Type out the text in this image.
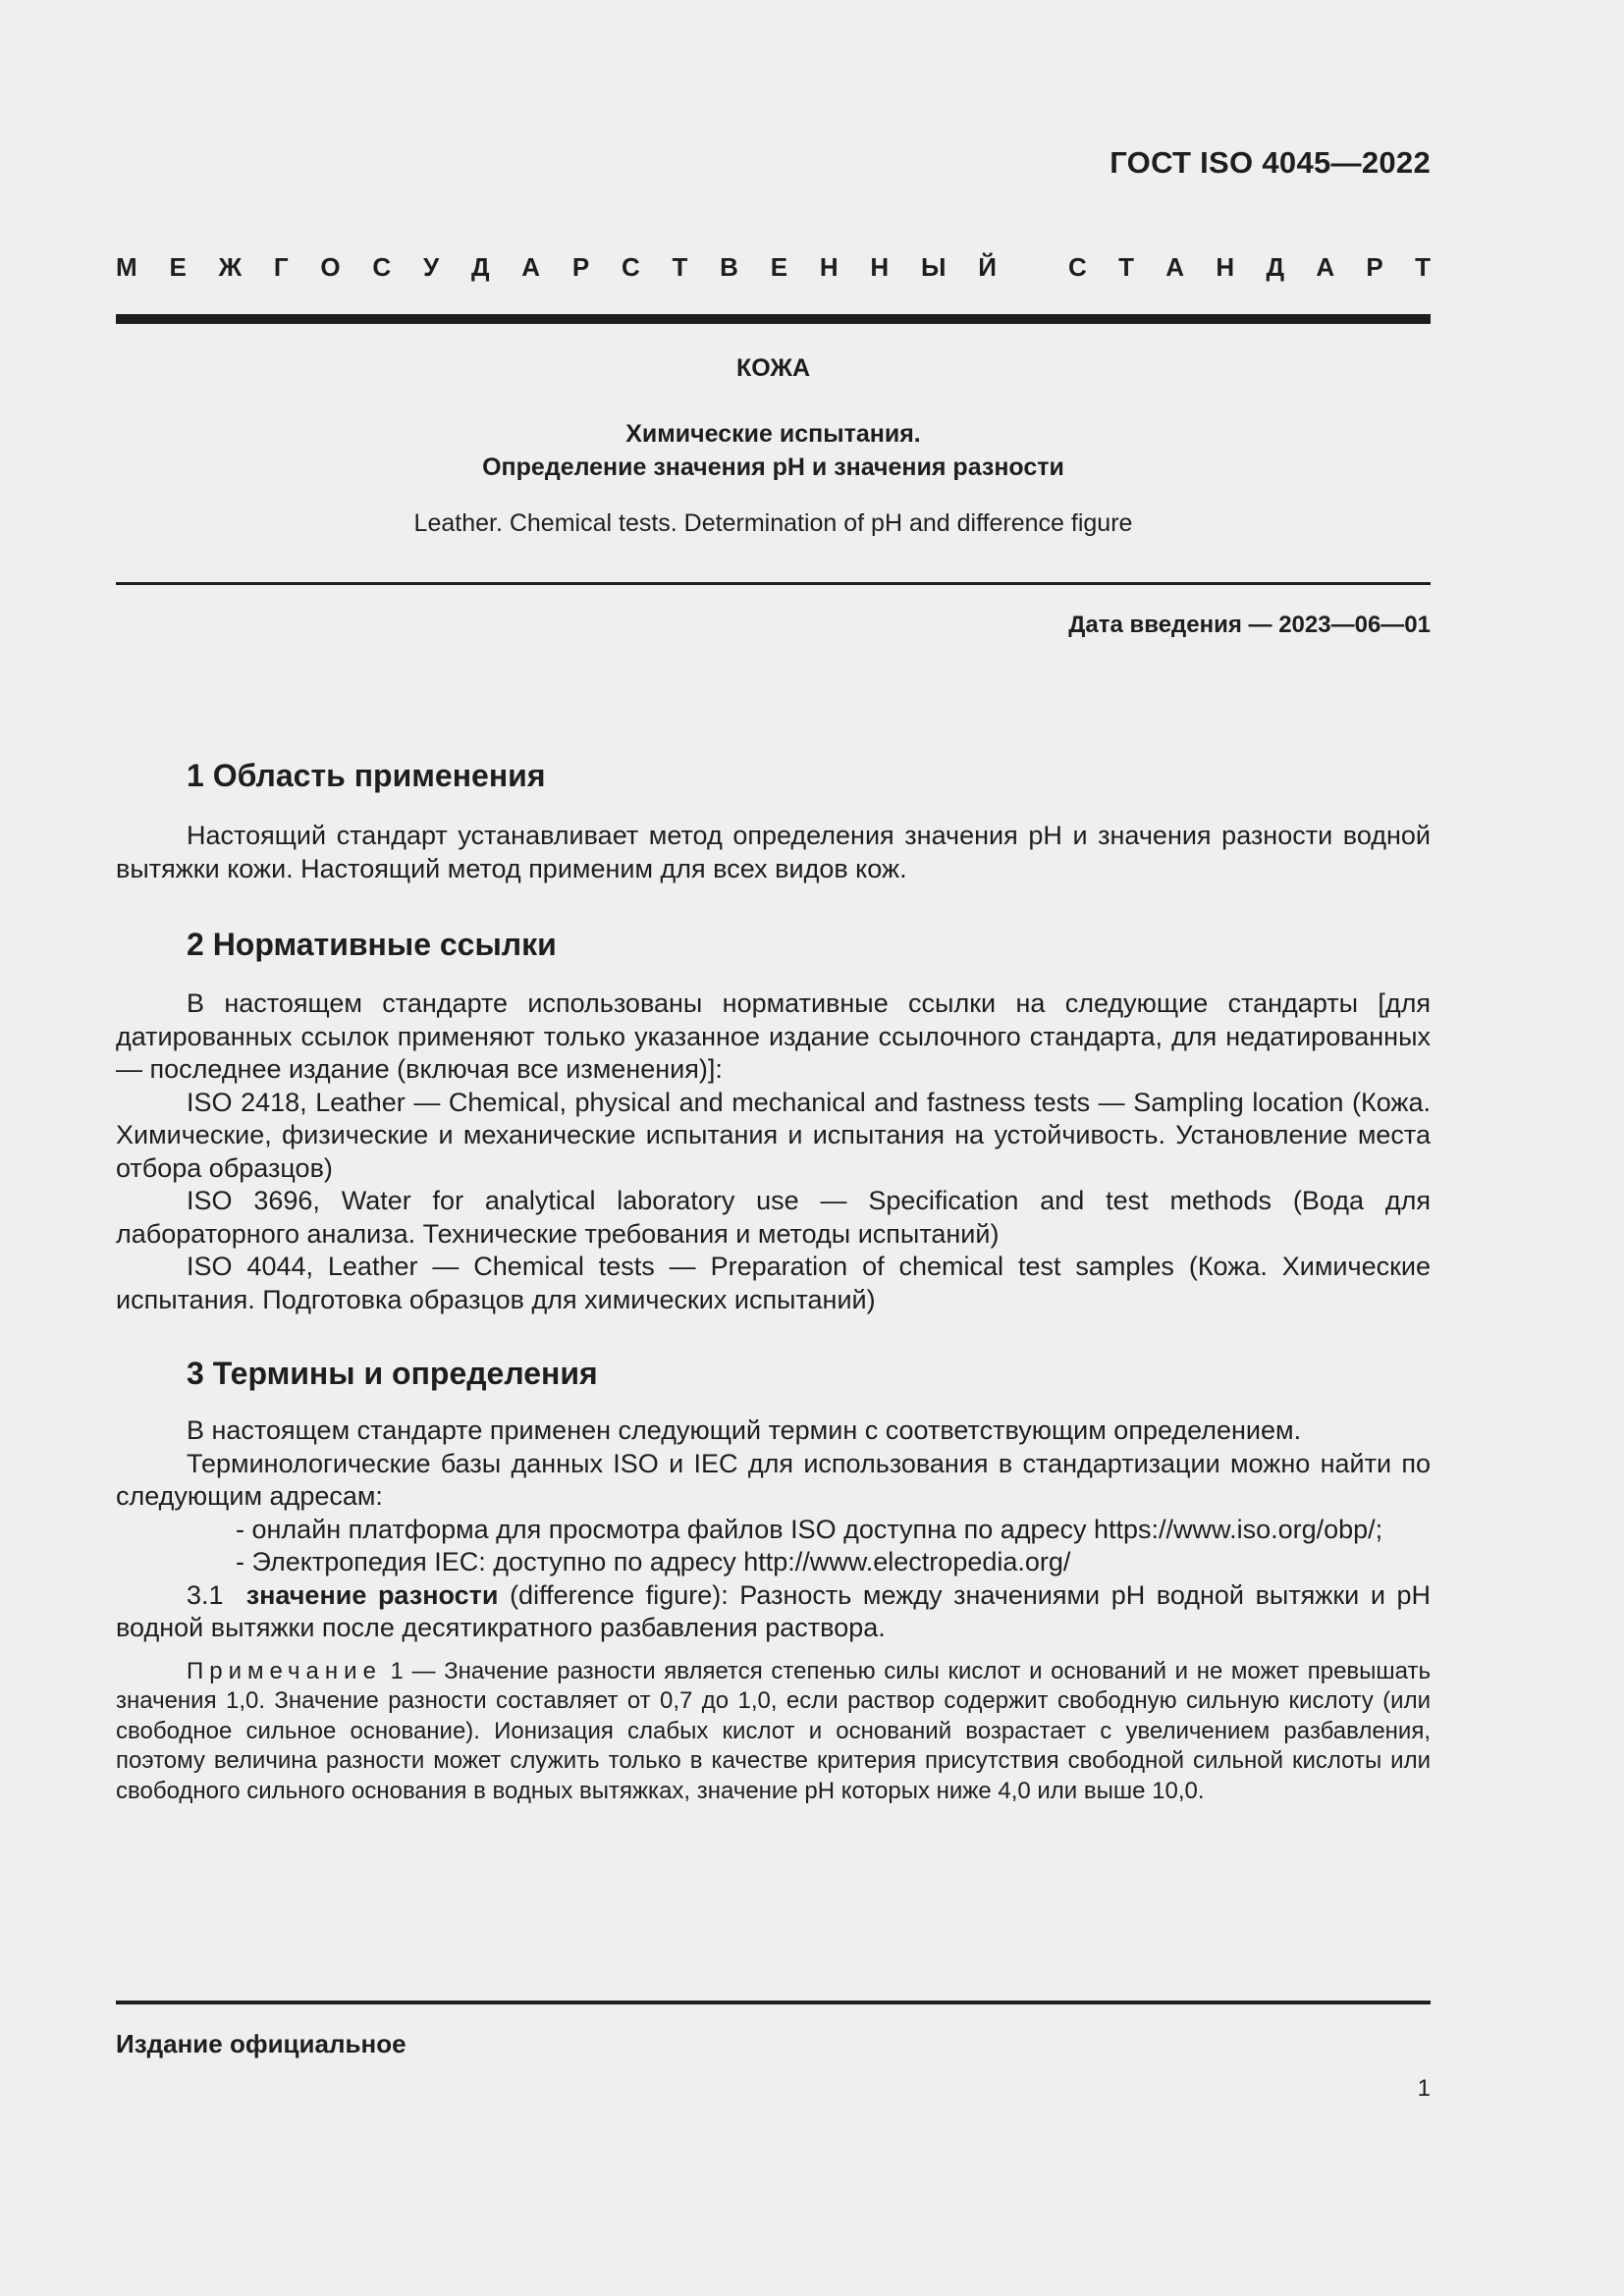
ГОСТ ISO 4045—2022
М Е Ж Г О С У Д А Р С Т В Е Н Н Ы Й	С Т А Н Д А Р Т
КОЖА
Химические испытания.
Определение значения pH и значения разности
Leather. Chemical tests. Determination of pH and difference figure
Дата введения — 2023—06—01
1 Область применения

Настоящий стандарт устанавливает метод определения значения pH и значения разности водной вытяжки кожи. Настоящий метод применим для всех видов кож.

2 Нормативные ссылки

В настоящем стандарте использованы нормативные ссылки на следующие стандарты [для датированных ссылок применяют только указанное издание ссылочного стандарта, для недатированных — последнее издание (включая все изменения)]:

ISO 2418, Leather — Chemical, physical and mechanical and fastness tests — Sampling location (Кожа. Химические, физические и механические испытания и испытания на устойчивость. Установление места отбора образцов)

ISO 3696, Water for analytical laboratory use — Specification and test methods (Вода для лабораторного анализа. Технические требования и методы испытаний)

ISO 4044, Leather — Chemical tests — Preparation of chemical test samples (Кожа. Химические испытания. Подготовка образцов для химических испытаний)

3 Термины и определения

В настоящем стандарте применен следующий термин с соответствующим определением.

Терминологические базы данных ISO и IEC для использования в стандартизации можно найти по следующим адресам:

- онлайн платформа для просмотра файлов ISO доступна по адресу https://www.iso.org/obp/;

- Электропедия IEC: доступно по адресу http://www.electropedia.org/

3.1 значение разности (difference figure): Разность между значениями pH водной вытяжки и pH водной вытяжки после десятикратного разбавления раствора.

Примечание 1 — Значение разности является степенью силы кислот и оснований и не может превышать значения 1,0. Значение разности составляет от 0,7 до 1,0, если раствор содержит свободную сильную кислоту (или свободное сильное основание). Ионизация слабых кислот и оснований возрастает с увеличением разбавления, поэтому величина разности может служить только в качестве критерия присутствия свободной сильной кислоты или свободного сильного основания в водных вытяжках, значение pH которых ниже 4,0 или выше 10,0.

Издание официальное
1
